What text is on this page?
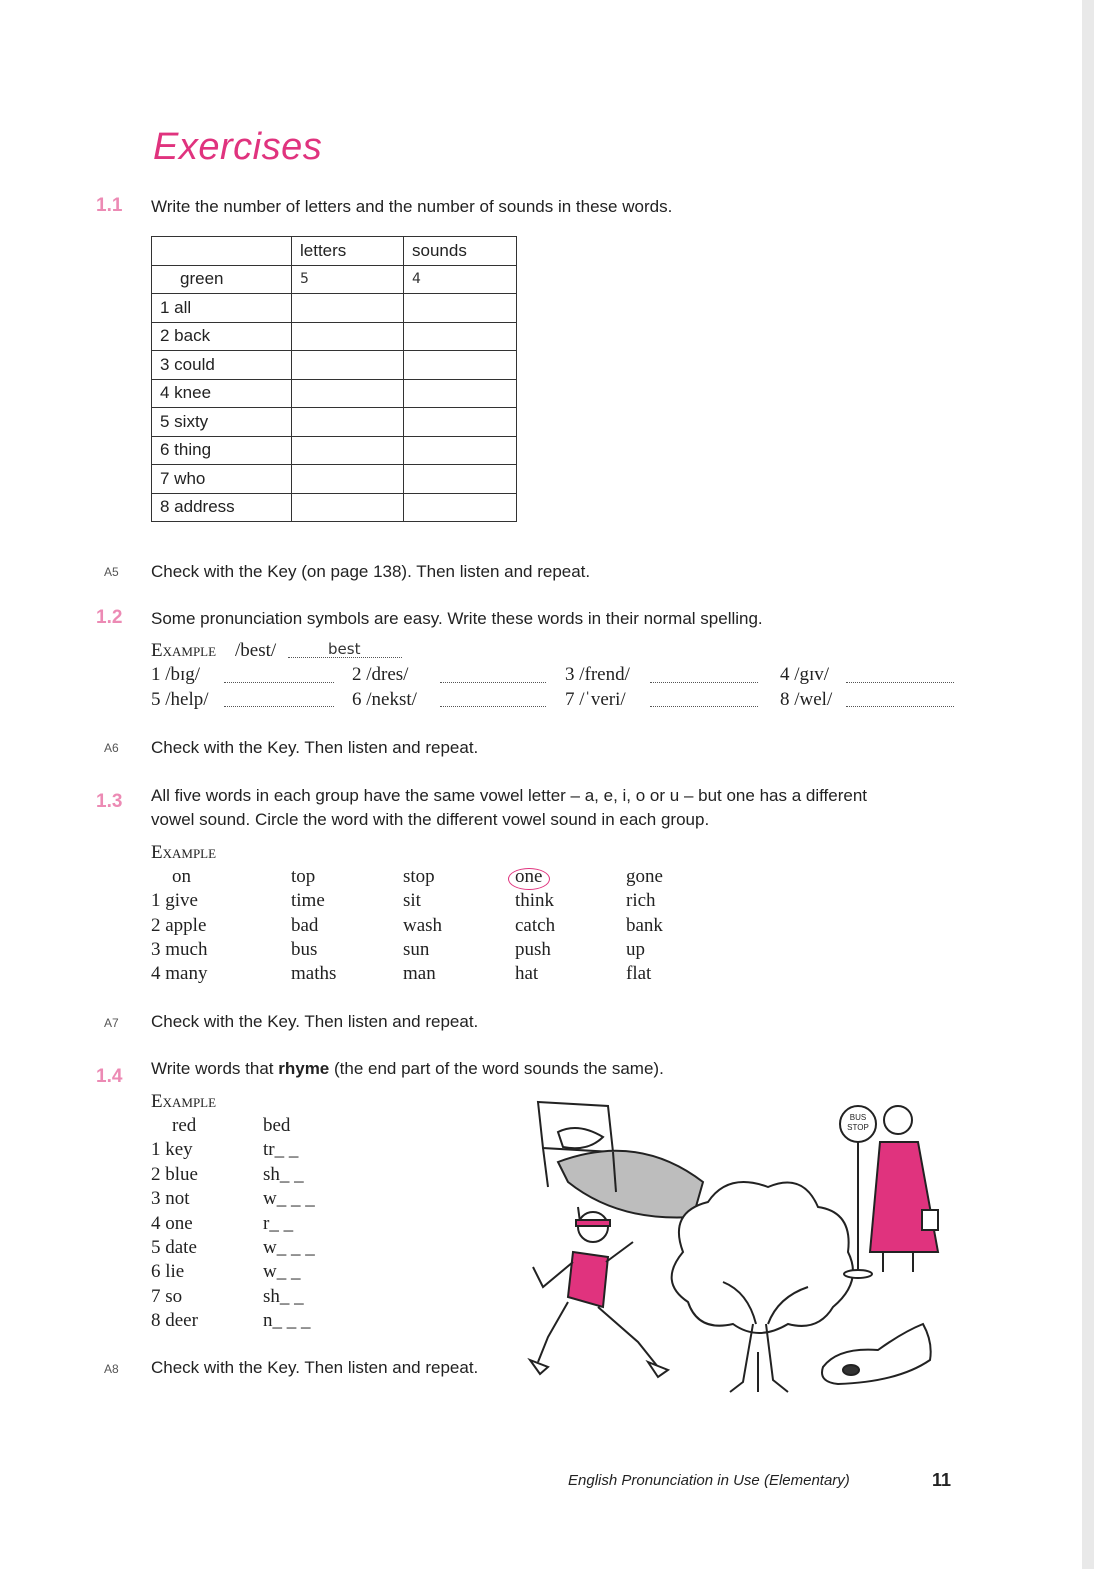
Exercises
1.1 Write the number of letters and the number of sounds in these words.
	letters	sounds
green	5	4
1 all		
2 back		
3 could		
4 knee		
5 sixty		
6 thing		
7 who		
8 address		
A5 Check with the Key (on page 138). Then listen and repeat.
1.2 Some pronunciation symbols are easy. Write these words in their normal spelling.
Example /best/	best
1 /bɪg/	2 /dres/	3 /frend/	4 /gɪv/
5 /help/	6 /nekst/	7 /ˈveri/	8 /wel/
A6 Check with the Key. Then listen and repeat.
1.3 All five words in each group have the same vowel letter – a, e, i, o or u – but one has a different
vowel sound. Circle the word with the different vowel sound in each group.
Example
on	top	stop	one	gone
1 give	time	sit	think	rich
2 apple	bad	wash	catch	bank
3 much	bus	sun	push	up
4 many	maths	man	hat	flat
A7 Check with the Key. Then listen and repeat.
1.4 Write words that rhyme (the end part of the word sounds the same).
Example
red	bed
1 key	tr_ _
2 blue	sh_ _
3 not	w_ _ _
4 one	r_ _
5 date	w_ _ _
6 lie	w_ _
7 so	sh_ _
8 deer	n_ _ _
A8 Check with the Key. Then listen and repeat.
BUS
STOP
English Pronunciation in Use (Elementary)	11
